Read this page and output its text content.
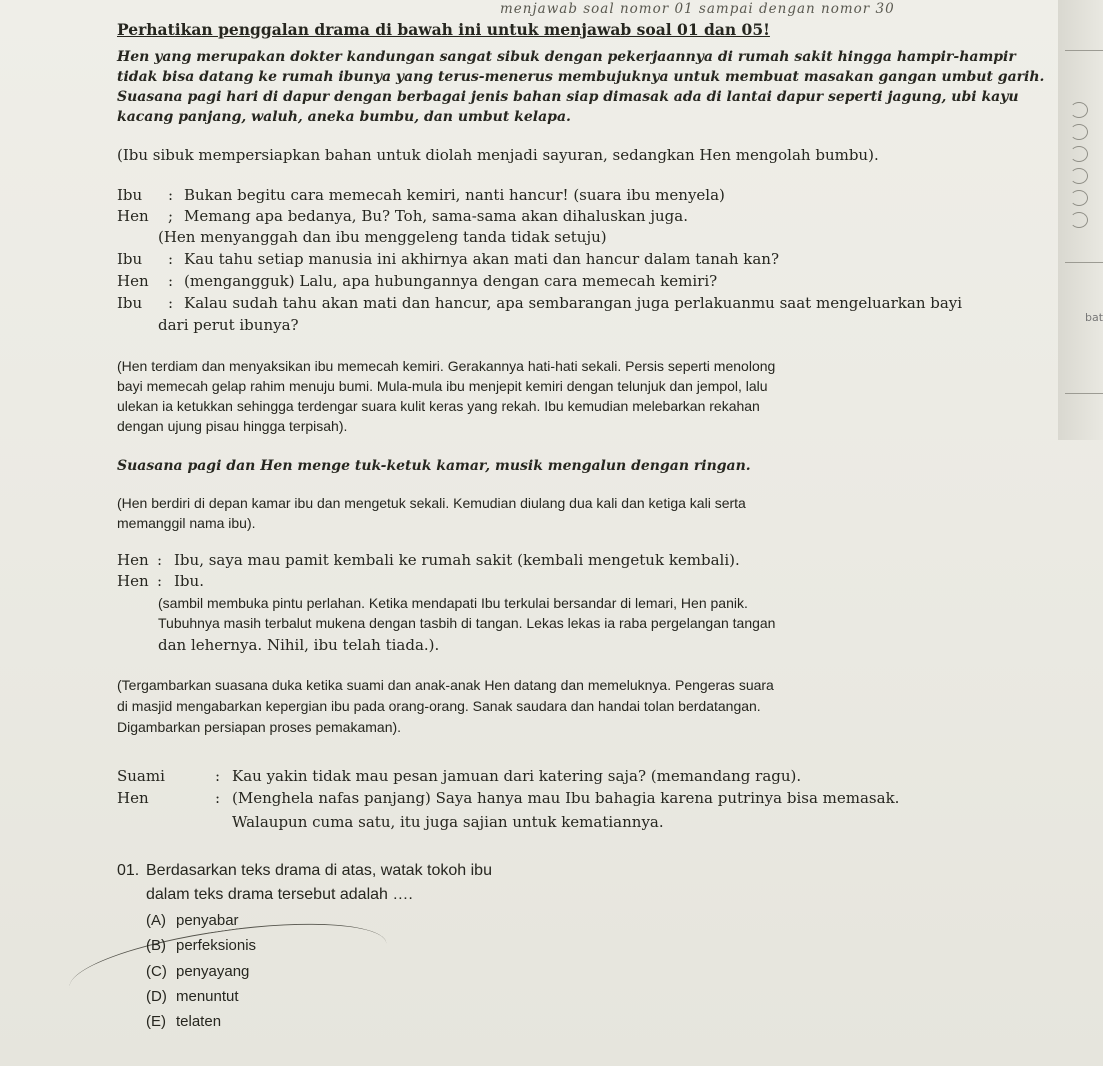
bat
menjawab soal nomor 01 sampai dengan nomor 30
Perhatikan penggalan drama di bawah ini untuk menjawab soal 01 dan 05!
Hen yang merupakan dokter kandungan sangat sibuk dengan pekerjaannya di rumah sakit hingga hampir-hampir
tidak bisa datang ke rumah ibunya yang terus-menerus membujuknya untuk membuat masakan gangan umbut garih.
Suasana pagi hari di dapur dengan berbagai jenis bahan siap dimasak ada di lantai dapur seperti jagung, ubi kayu
kacang panjang, waluh, aneka bumbu, dan umbut kelapa.
(Ibu sibuk mempersiapkan bahan untuk diolah menjadi sayuran, sedangkan Hen mengolah bumbu).
Ibu : Bukan begitu cara memecah kemiri, nanti hancur! (suara ibu menyela)
Hen ; Memang apa bedanya, Bu? Toh, sama-sama akan dihaluskan juga.
(Hen menyanggah dan ibu menggeleng tanda tidak setuju)
Ibu : Kau tahu setiap manusia ini akhirnya akan mati dan hancur dalam tanah kan?
Hen : (mengangguk) Lalu, apa hubungannya dengan cara memecah kemiri?
Ibu : Kalau sudah tahu akan mati dan hancur, apa sembarangan juga perlakuanmu saat mengeluarkan bayi
dari perut ibunya?
(Hen terdiam dan menyaksikan ibu memecah kemiri. Gerakannya hati-hati sekali. Persis seperti menolong
bayi memecah gelap rahim menuju bumi. Mula-mula ibu menjepit kemiri dengan telunjuk dan jempol, lalu
ulekan ia ketukkan sehingga terdengar suara kulit keras yang rekah. Ibu kemudian melebarkan rekahan
dengan ujung pisau hingga terpisah).
Suasana pagi dan Hen menge tuk-ketuk kamar, musik mengalun dengan ringan.
(Hen berdiri di depan kamar ibu dan mengetuk sekali. Kemudian diulang dua kali dan ketiga kali serta
memanggil nama ibu).
Hen : Ibu, saya mau pamit kembali ke rumah sakit (kembali mengetuk kembali).
Hen : Ibu.
(sambil membuka pintu perlahan. Ketika mendapati Ibu terkulai bersandar di lemari, Hen panik.
Tubuhnya masih terbalut mukena dengan tasbih di tangan. Lekas lekas ia raba pergelangan tangan
dan lehernya. Nihil, ibu telah tiada.).
(Tergambarkan suasana duka ketika suami dan anak-anak Hen datang dan memeluknya. Pengeras suara
di masjid mengabarkan kepergian ibu pada orang-orang. Sanak saudara dan handai tolan berdatangan.
Digambarkan persiapan proses pemakaman).
Suami	: Kau yakin tidak mau pesan jamuan dari katering saja? (memandang ragu).
Hen	: (Menghela nafas panjang) Saya hanya mau Ibu bahagia karena putrinya bisa memasak.
Walaupun cuma satu, itu juga sajian untuk kematiannya.
01. Berdasarkan teks drama di atas, watak tokoh ibu
dalam teks drama tersebut adalah ….
(A) penyabar
(B) perfeksionis
(C) penyayang
(D) menuntut
(E) telaten
